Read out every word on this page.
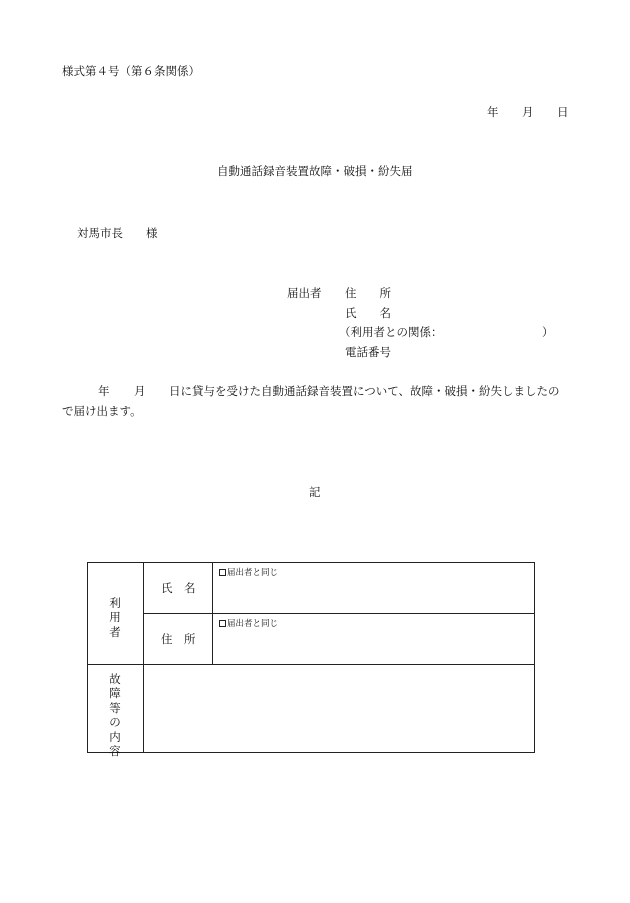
様式第４号（第６条関係）
年 月 日
自動通話録音装置故障・破損・紛失届
対馬市長 様
届出者 住　　所
氏　　名
（利用者との関係：	）
電話番号
年 月 日に貸与を受けた自動通話録音装置について、故障・破損・紛失しましたの
で届け出ます。
記
利用者
氏　名
届出者と同じ
住　所
届出者と同じ
故障等の内容
